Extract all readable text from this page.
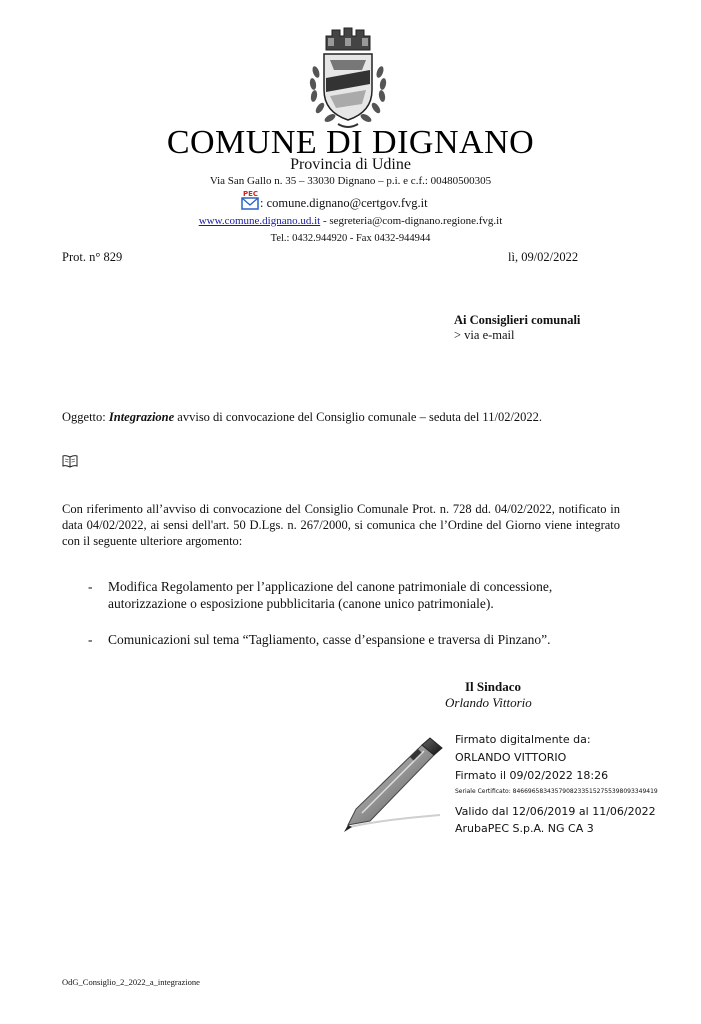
COMUNE DI DIGNANO
Provincia di Udine
Via San Gallo n. 35 – 33030 Dignano – p.i. e c.f.: 00480500305
PEC
: comune.dignano@certgov.fvg.it
www.comune.dignano.ud.it - segreteria@com-dignano.regione.fvg.it
Tel.: 0432.944920 - Fax 0432-944944
Prot. n° 829	lì, 09/02/2022
Ai Consiglieri comunali
> via e-mail
Oggetto: Integrazione avviso di convocazione del Consiglio comunale – seduta del 11/02/2022.
Con riferimento all’avviso di convocazione del Consiglio Comunale Prot. n. 728 dd. 04/02/2022, notificato in data 04/02/2022, ai sensi dell'art. 50 D.Lgs. n. 267/2000, si comunica che l’Ordine del Giorno viene integrato con il seguente ulteriore argomento:
- Modifica Regolamento per l’applicazione del canone patrimoniale di concessione, autorizzazione o esposizione pubblicitaria (canone unico patrimoniale).
- Comunicazioni sul tema “Tagliamento, casse d’espansione e traversa di Pinzano”.
Il Sindaco
Orlando Vittorio
Firmato digitalmente da:
ORLANDO VITTORIO
Firmato il 09/02/2022 18:26
Seriale Certificato: 84669658343579082335152755398093349419
Valido dal 12/06/2019 al 11/06/2022
ArubaPEC S.p.A. NG CA 3
OdG_Consiglio_2_2022_a_integrazione
